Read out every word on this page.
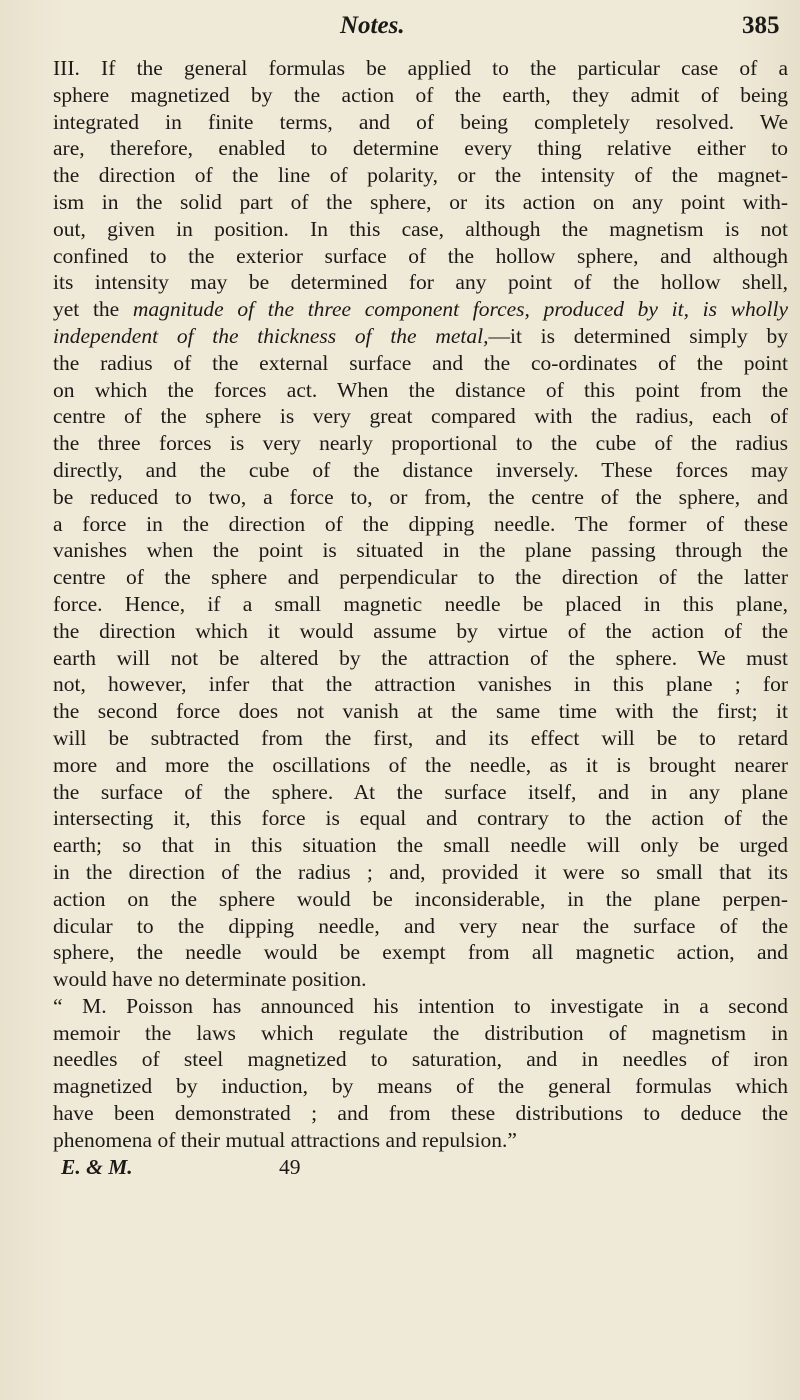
Notes.	385
III. If the general formulas be applied to the particular case of a
sphere magnetized by the action of the earth, they admit of being
integrated in finite terms, and of being completely resolved. We
are, therefore, enabled to determine every thing relative either to
the direction of the line of polarity, or the intensity of the magnet-
ism in the solid part of the sphere, or its action on any point with-
out, given in position. In this case, although the magnetism is not
confined to the exterior surface of the hollow sphere, and although
its intensity may be determined for any point of the hollow shell,
yet the magnitude of the three component forces, produced by it, is wholly
independent of the thickness of the metal,—it is determined simply by
the radius of the external surface and the co-ordinates of the point
on which the forces act. When the distance of this point from the
centre of the sphere is very great compared with the radius, each of
the three forces is very nearly proportional to the cube of the radius
directly, and the cube of the distance inversely. These forces may
be reduced to two, a force to, or from, the centre of the sphere, and
a force in the direction of the dipping needle. The former of these
vanishes when the point is situated in the plane passing through the
centre of the sphere and perpendicular to the direction of the latter
force. Hence, if a small magnetic needle be placed in this plane,
the direction which it would assume by virtue of the action of the
earth will not be altered by the attraction of the sphere. We must
not, however, infer that the attraction vanishes in this plane ; for
the second force does not vanish at the same time with the first; it
will be subtracted from the first, and its effect will be to retard
more and more the oscillations of the needle, as it is brought nearer
the surface of the sphere. At the surface itself, and in any plane
intersecting it, this force is equal and contrary to the action of the
earth; so that in this situation the small needle will only be urged
in the direction of the radius ; and, provided it were so small that its
action on the sphere would be inconsiderable, in the plane perpen-
dicular to the dipping needle, and very near the surface of the
sphere, the needle would be exempt from all magnetic action, and
would have no determinate position.
“ M. Poisson has announced his intention to investigate in a second
memoir the laws which regulate the distribution of magnetism in
needles of steel magnetized to saturation, and in needles of iron
magnetized by induction, by means of the general formulas which
have been demonstrated ; and from these distributions to deduce the
phenomena of their mutual attractions and repulsion.”
E. & M.	49
